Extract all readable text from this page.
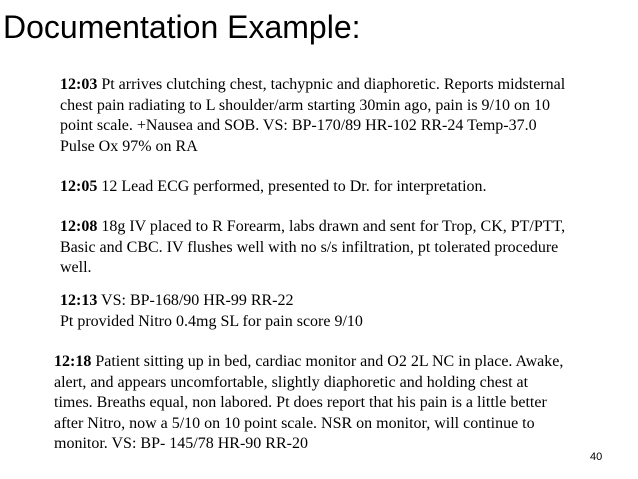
Documentation Example:

12:03 Pt arrives clutching chest, tachypnic and diaphoretic. Reports midsternal
chest pain radiating to L shoulder/arm starting 30min ago, pain is 9/10 on 10
point scale. +Nausea and SOB. VS: BP-170/89 HR-102 RR-24 Temp-37.0
Pulse Ox 97% on RA

12:05 12 Lead ECG performed, presented to Dr. for interpretation.

12:08 18g IV placed to R Forearm, labs drawn and sent for Trop, CK, PT/PTT,
Basic and CBC. IV flushes well with no s/s infiltration, pt tolerated procedure
well.

12:13 VS: BP-168/90 HR-99 RR-22
Pt provided Nitro 0.4mg SL for pain score 9/10

12:18 Patient sitting up in bed, cardiac monitor and O2 2L NC in place. Awake,
alert, and appears uncomfortable, slightly diaphoretic and holding chest at
times. Breaths equal, non labored. Pt does report that his pain is a little better
after Nitro, now a 5/10 on 10 point scale. NSR on monitor, will continue to
monitor. VS: BP- 145/78 HR-90 RR-20

40
